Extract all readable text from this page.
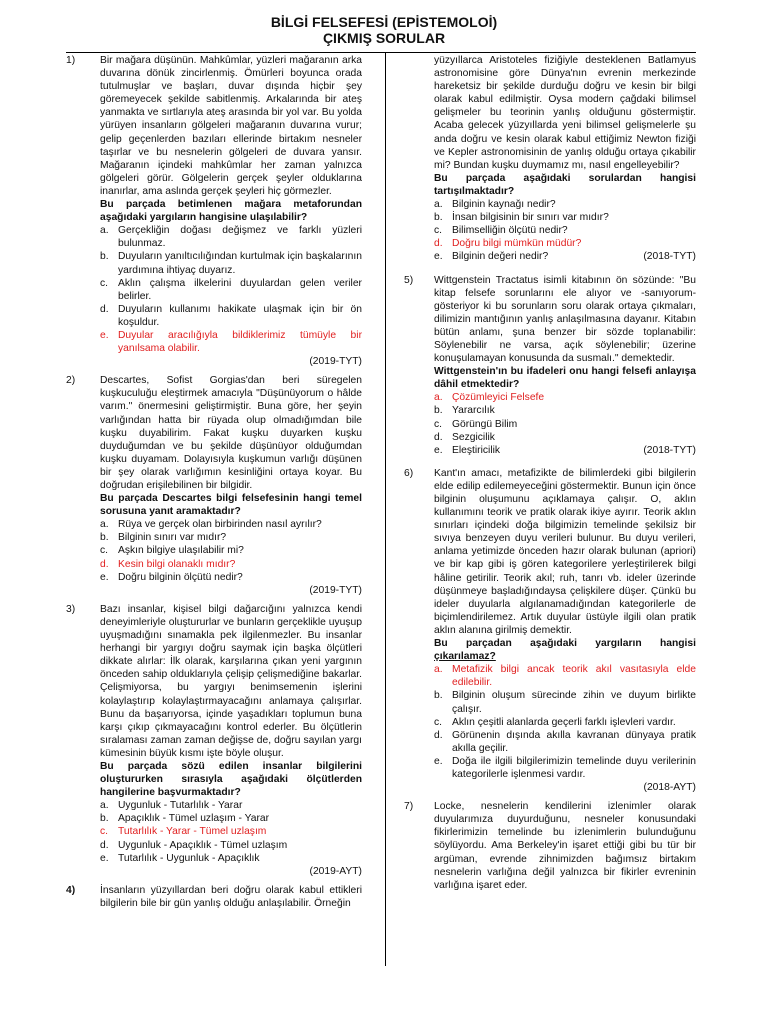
BİLGİ FELSEFESİ (EPİSTEMOLOİ)
ÇIKMIŞ SORULAR
1) Bir mağara düşünün. Mahkûmlar, yüzleri mağaranın arka duvarına dönük zincirlenmiş. Ömürleri boyunca orada tutulmuşlar ve başları, duvar dışında hiçbir şey göremeyecek şekilde sabitlenmiş. Arkalarında bir ateş yanmakta ve sırtlarıyla ateş arasında bir yol var. Bu yolda yürüyen insanların gölgeleri mağaranın duvarına vurur; gelip geçenlerden bazıları ellerinde birtakım nesneler taşırlar ve bu nesnelerin gölgeleri de duvara yansır. Mağaranın içindeki mahkûmlar her zaman yalnızca gölgeleri görür. Gölgelerin gerçek şeyler olduklarına inanırlar, ama aslında gerçek şeyleri hiç görmezler.
Bu parçada betimlenen mağara metaforundan aşağıdaki yargıların hangisine ulaşılabilir?
a. Gerçekliğin doğası değişmez ve farklı yüzleri bulunmaz.
b. Duyuların yanıltıcılığından kurtulmak için başkalarının yardımına ihtiyaç duyarız.
c. Aklın çalışma ilkelerini duyulardan gelen veriler belirler.
d. Duyuların kullanımı hakikate ulaşmak için bir ön koşuldur.
e. Duyular aracılığıyla bildiklerimiz tümüyle bir yanılsama olabilir.
(2019-TYT)
2) Descartes, Sofist Gorgias'dan beri süregelen kuşkuculuğu eleştirmek amacıyla "Düşünüyorum o hâlde varım." önermesini geliştirmiştir. Buna göre, her şeyin varlığından hatta bir rüyada olup olmadığımdan bile kuşku duyabilirim. Fakat kuşku duyarken kuşku duyduğumdan ve bu şekilde düşünüyor olduğumdan kuşku duyamam. Dolayısıyla kuşkumun varlığı düşünen bir şey olarak varlığımın kesinliğini ortaya koyar. Bu doğrudan erişilebilinen bir bilgidir.
Bu parçada Descartes bilgi felsefesinin hangi temel sorusuna yanıt aramaktadır?
a. Rüya ve gerçek olan birbirinden nasıl ayrılır?
b. Bilginin sınırı var mıdır?
c. Aşkın bilgiye ulaşılabilir mi?
d. Kesin bilgi olanaklı mıdır?
e. Doğru bilginin ölçütü nedir?
(2019-TYT)
3) Bazı insanlar, kişisel bilgi dağarcığını yalnızca kendi deneyimleriyle oluştururlar ve bunların gerçeklikle uyuşup uyuşmadığını sınamakla pek ilgilenmezler. Bu insanlar herhangi bir yargıyı doğru saymak için başka ölçütleri dikkate alırlar: İlk olarak, karşılarına çıkan yeni yargının önceden sahip olduklarıyla çelişip çelişmediğine bakarlar. Çelişmiyorsa, bu yargıyı benimsemenin işlerini kolaylaştırıp kolaylaştırmayacağını anlamaya çalışırlar. Bunu da başarıyorsa, içinde yaşadıkları toplumun buna karşı çıkıp çıkmayacağını kontrol ederler. Bu ölçütlerin sıralaması zaman zaman değişse de, doğru sayılan yargı kümesinin büyük kısmı işte böyle oluşur.
Bu parçada sözü edilen insanlar bilgilerini oluştururken sırasıyla aşağıdaki ölçütlerden hangilerine başvurmaktadır?
a. Uygunluk - Tutarlılık - Yarar
b. Apaçıklık - Tümel uzlaşım - Yarar
c. Tutarlılık - Yarar - Tümel uzlaşım
d. Uygunluk - Apaçıklık - Tümel uzlaşım
e. Tutarlılık - Uygunluk - Apaçıklık
(2019-AYT)
4) İnsanların yüzyıllardan beri doğru olarak kabul ettikleri bilgilerin bile bir gün yanlış olduğu anlaşılabilir. Örneğin
yüzyıllarca Aristoteles fiziğiyle desteklenen Batlamyus astronomisine göre Dünya'nın evrenin merkezinde hareketsiz bir şekilde durduğu doğru ve kesin bir bilgi olarak kabul edilmiştir. Oysa modern çağdaki bilimsel gelişmeler bu teorinin yanlış olduğunu göstermiştir. Acaba gelecek yüzyıllarda yeni bilimsel gelişmelerle şu anda doğru ve kesin olarak kabul ettiğimiz Newton fiziği ve Kepler astronomisinin de yanlış olduğu ortaya çıkabilir mi? Bundan kuşku duymamız mı, nasıl engelleyebilir?
Bu parçada aşağıdaki sorulardan hangisi tartışılmaktadır?
a. Bilginin kaynağı nedir?
b. İnsan bilgisinin bir sınırı var mıdır?
c. Bilimselliğin ölçütü nedir?
d. Doğru bilgi mümkün müdür?
e. Bilginin değeri nedir?	(2018-TYT)
5) Wittgenstein Tractatus isimli kitabının ön sözünde: "Bu kitap felsefe sorunlarını ele alıyor ve -sanıyorum- gösteriyor ki bu sorunların soru olarak ortaya çıkmaları, dilimizin mantığının yanlış anlaşılmasına dayanır. Kitabın bütün anlamı, şuna benzer bir sözde toplanabilir: Söylenebilir ne varsa, açık söylenebilir; üzerine konuşulamayan konusunda da susmalı." demektedir.
Wittgenstein'ın bu ifadeleri onu hangi felsefi anlayışa dâhil etmektedir?
a. Çözümleyici Felsefe
b. Yararcılık
c. Görüngü Bilim
d. Sezgicilik
e. Eleştiricilik	(2018-TYT)
6) Kant'ın amacı, metafizikte de bilimlerdeki gibi bilgilerin elde edilip edilemeyeceğini göstermektir. Bunun için önce bilginin oluşumunu açıklamaya çalışır. O, aklın kullanımını teorik ve pratik olarak ikiye ayırır. Teorik aklın sınırları içindeki doğa bilgimizin temelinde şekilsiz bir sıvıya benzeyen duyu verileri bulunur. Bu duyu verileri, anlama yetimizde önceden hazır olarak bulunan (apriori) ve bir kap gibi iş gören kategorilere yerleştirilerek bilgi hâline getirilir. Teorik akıl; ruh, tanrı vb. ideler üzerinde düşünmeye başladığındaysa çelişkilere düşer. Çünkü bu ideler duyularla algılanamadığından kategorilerle de biçimlendirilemez. Artık duyular üstüyle ilgili olan pratik aklın alanına girilmiş demektir.
Bu parçadan aşağıdaki yargıların hangisi çıkarılamaz?
a. Metafizik bilgi ancak teorik akıl vasıtasıyla elde edilebilir.
b. Bilginin oluşum sürecinde zihin ve duyum birlikte çalışır.
c. Aklın çeşitli alanlarda geçerli farklı işlevleri vardır.
d. Görünenin dışında akılla kavranan dünyaya pratik akılla geçilir.
e. Doğa ile ilgili bilgilerimizin temelinde duyu verilerinin kategorilerle işlenmesi vardır.
(2018-AYT)
7) Locke, nesnelerin kendilerini izlenimler olarak duyularımıza duyurduğunu, nesneler konusundaki fikirlerimizin temelinde bu izlenimlerin bulunduğunu söylüyordu. Ama Berkeley'in işaret ettiği gibi bu tür bir argüman, evrende zihnimizden bağımsız birtakım nesnelerin varlığına değil yalnızca bir fikirler evreninin varlığına işaret eder.
